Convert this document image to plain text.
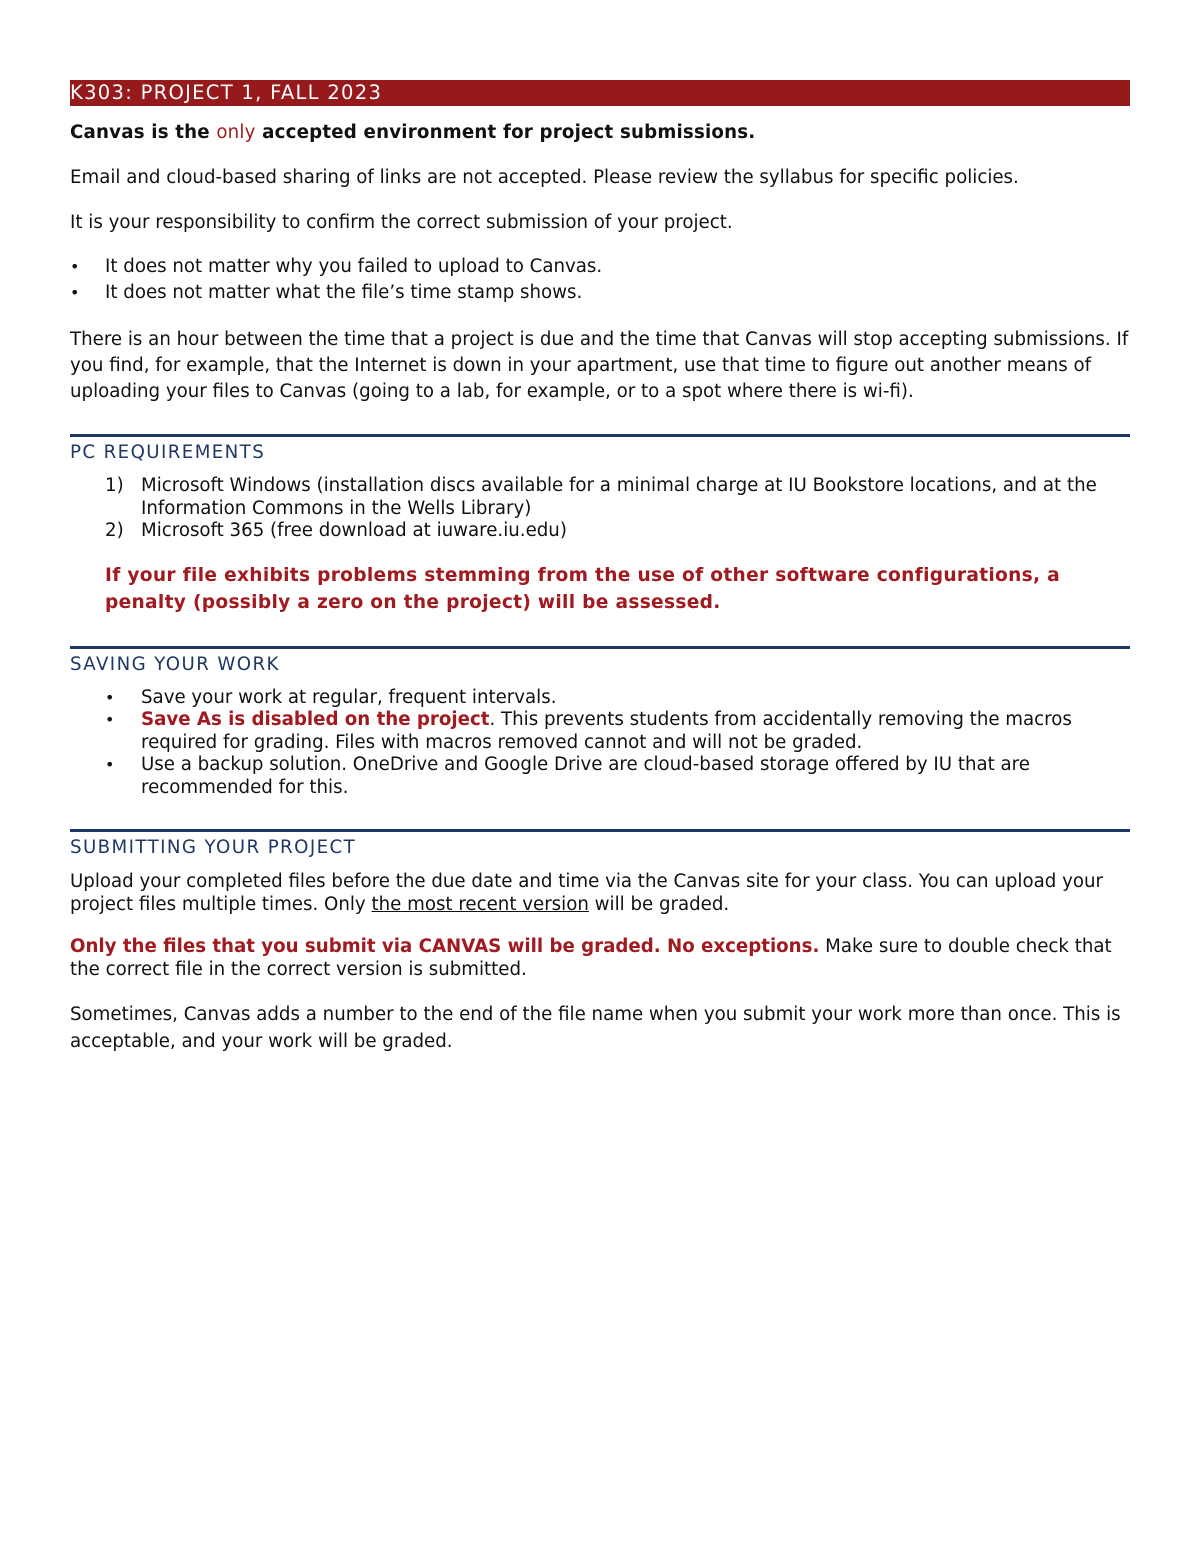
K303: PROJECT 1, FALL 2023

Canvas is the only accepted environment for project submissions.

Email and cloud-based sharing of links are not accepted. Please review the syllabus for specific policies.

It is your responsibility to confirm the correct submission of your project.

• It does not matter why you failed to upload to Canvas.
• It does not matter what the file’s time stamp shows.

There is an hour between the time that a project is due and the time that Canvas will stop accepting submissions. If you find, for example, that the Internet is down in your apartment, use that time to figure out another means of uploading your files to Canvas (going to a lab, for example, or to a spot where there is wi-fi).

PC REQUIREMENTS
1) Microsoft Windows (installation discs available for a minimal charge at IU Bookstore locations, and at the Information Commons in the Wells Library)
2) Microsoft 365 (free download at iuware.iu.edu)

If your file exhibits problems stemming from the use of other software configurations, a penalty (possibly a zero on the project) will be assessed.

SAVING YOUR WORK
• Save your work at regular, frequent intervals.
• Save As is disabled on the project. This prevents students from accidentally removing the macros required for grading. Files with macros removed cannot and will not be graded.
• Use a backup solution. OneDrive and Google Drive are cloud-based storage offered by IU that are recommended for this.
SUBMITTING YOUR PROJECT

Upload your completed files before the due date and time via the Canvas site for your class. You can upload your project files multiple times. Only the most recent version will be graded.

Only the files that you submit via CANVAS will be graded. No exceptions. Make sure to double check that the correct file in the correct version is submitted.

Sometimes, Canvas adds a number to the end of the file name when you submit your work more than once. This is acceptable, and your work will be graded.
